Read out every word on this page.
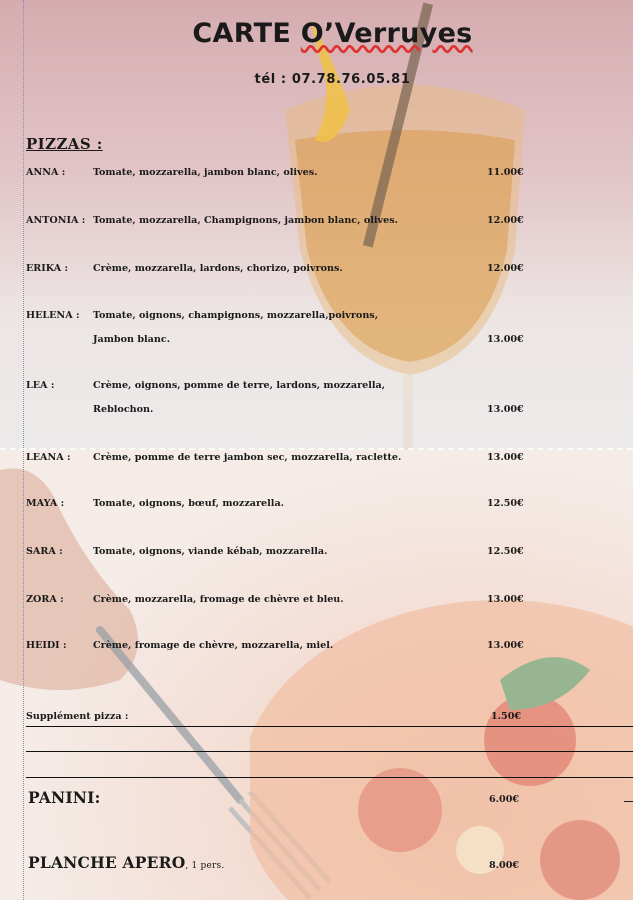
CARTE O’Verruyes
tél : 07.78.76.05.81
PIZZAS :
ANNA :	Tomate, mozzarella, jambon blanc, olives.	11.00€
ANTONIA : Tomate, mozzarella, Champignons, jambon blanc, olives.	12.00€
ERIKA :	Crème, mozzarella, lardons, chorizo, poivrons.	12.00€
HELENA : Tomate, oignons, champignons, mozzarella,poivrons,
Jambon blanc.	13.00€
LEA :	Crème, oignons, pomme de terre, lardons, mozzarella,
Reblochon.	13.00€
LEANA : Crème, pomme de terre jambon sec, mozzarella, raclette.	13.00€
MAYA :	Tomate, oignons, bœuf, mozzarella.	12.50€
SARA :	Tomate, oignons, viande kébab, mozzarella.	12.50€
ZORA :	Crème, mozzarella, fromage de chèvre et bleu.	13.00€
HEIDI :	Crème, fromage de chèvre, mozzarella, miel.	13.00€
Supplément pizza :	1.50€
PANINI:	6.00€
PLANCHE APERO, 1 pers.	8.00€
